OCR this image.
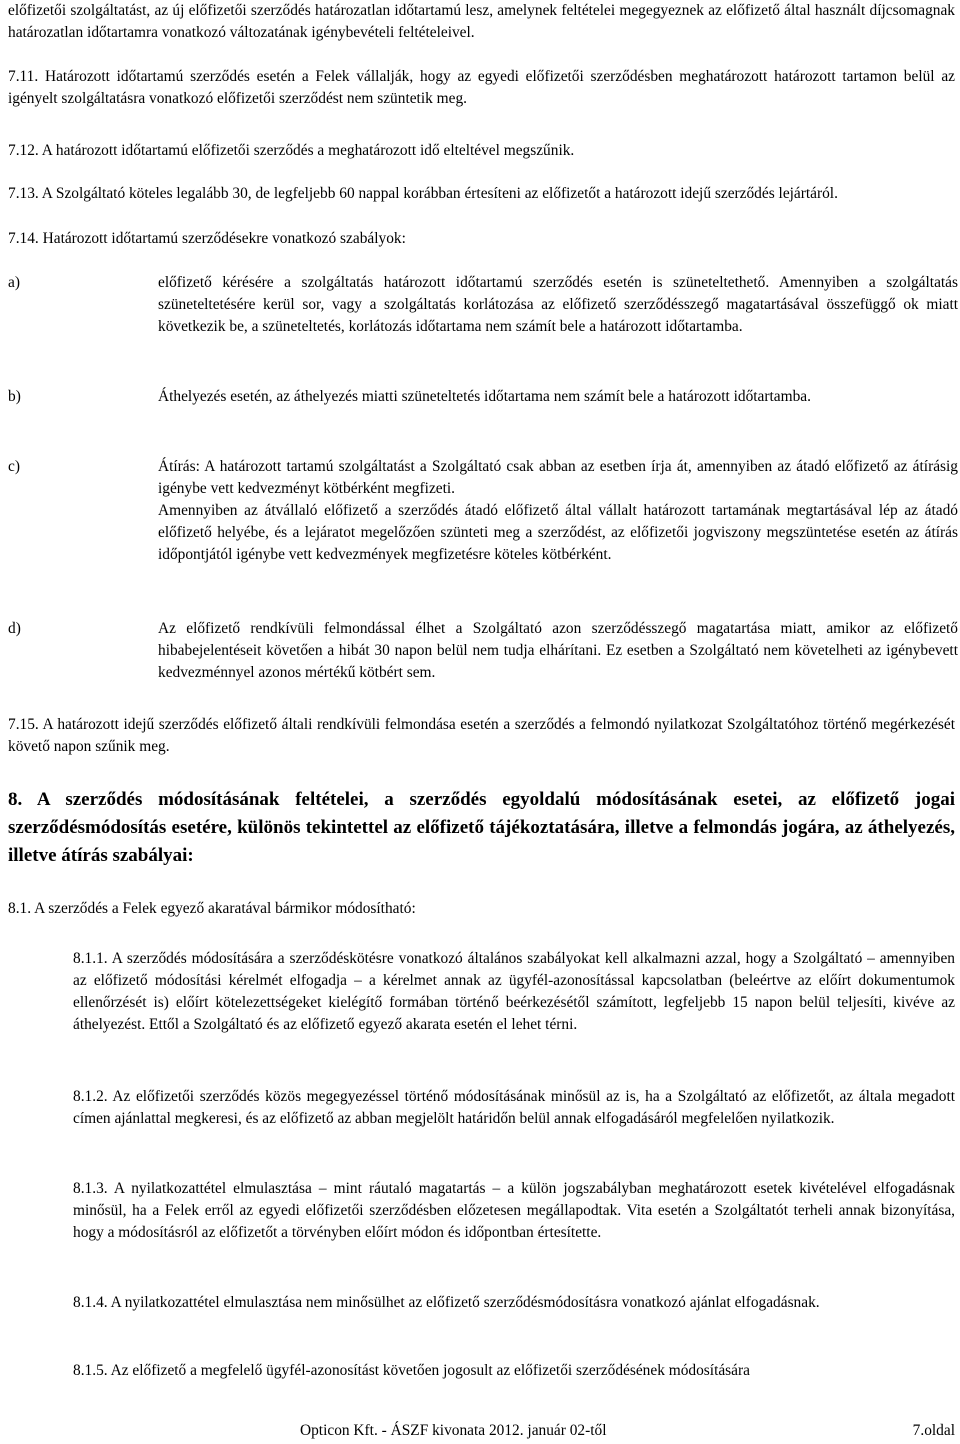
előfizetői szolgáltatást, az új előfizetői szerződés határozatlan időtartamú lesz, amelynek feltételei megegyeznek az előfizető által használt díjcsomagnak határozatlan időtartamra vonatkozó változatának igénybevételi feltételeivel.
7.11. Határozott időtartamú szerződés esetén a Felek vállalják, hogy az egyedi előfizetői szerződésben meghatározott határozott tartamon belül az igényelt szolgáltatásra vonatkozó előfizetői szerződést nem szüntetik meg.
7.12. A határozott időtartamú előfizetői szerződés a meghatározott idő elteltével megszűnik.
7.13. A Szolgáltató köteles legalább 30, de legfeljebb 60 nappal korábban értesíteni az előfizetőt a határozott idejű szerződés lejártáról.
7.14. Határozott időtartamú szerződésekre vonatkozó szabályok:
a)	előfizető kérésére a szolgáltatás határozott időtartamú szerződés esetén is szüneteltethető. Amennyiben a szolgáltatás szüneteltetésére kerül sor, vagy a szolgáltatás korlátozása az előfizető szerződésszegő magatartásával összefüggő ok miatt következik be, a szüneteltetés, korlátozás időtartama nem számít bele a határozott időtartamba.
b)	Áthelyezés esetén, az áthelyezés miatti szüneteltetés időtartama nem számít bele a határozott időtartamba.
c)	Átírás: A határozott tartamú szolgáltatást a Szolgáltató csak abban az esetben írja át, amennyiben az átadó előfizető az átírásig igénybe vett kedvezményt kötbérként megfizeti.
Amennyiben az átvállaló előfizető a szerződés átadó előfizető által vállalt határozott tartamának megtartásával lép az átadó előfizető helyébe, és a lejáratot megelőzően szünteti meg a szerződést, az előfizetői jogviszony megszüntetése esetén az átírás időpontjától igénybe vett kedvezmények megfizetésre köteles kötbérként.
d)	Az előfizető rendkívüli felmondással élhet a Szolgáltató azon szerződésszegő magatartása miatt, amikor az előfizető hibabejelentéseit követően a hibát 30 napon belül nem tudja elhárítani. Ez esetben a Szolgáltató nem követelheti az igénybevett kedvezménnyel azonos mértékű kötbért sem.
7.15. A határozott idejű szerződés előfizető általi rendkívüli felmondása esetén a szerződés a felmondó nyilatkozat Szolgáltatóhoz történő megérkezését követő napon szűnik meg.
8. A szerződés módosításának feltételei, a szerződés egyoldalú módosításának esetei, az előfizető jogai szerződésmódosítás esetére, különös tekintettel az előfizető tájékoztatására, illetve a felmondás jogára, az áthelyezés, illetve átírás szabályai:
8.1. A szerződés a Felek egyező akaratával bármikor módosítható:
8.1.1. A szerződés módosítására a szerződéskötésre vonatkozó általános szabályokat kell alkalmazni azzal, hogy a Szolgáltató – amennyiben az előfizető módosítási kérelmét elfogadja – a kérelmet annak az ügyfél-azonosítással kapcsolatban (beleértve az előírt dokumentumok ellenőrzését is) előírt kötelezettségeket kielégítő formában történő beérkezésétől számított, legfeljebb 15 napon belül teljesíti, kivéve az áthelyezést. Ettől a Szolgáltató és az előfizető egyező akarata esetén el lehet térni.
8.1.2. Az előfizetői szerződés közös megegyezéssel történő módosításának minősül az is, ha a Szolgáltató az előfizetőt, az általa megadott címen ajánlattal megkeresi, és az előfizető az abban megjelölt határidőn belül annak elfogadásáról megfelelően nyilatkozik.
8.1.3. A nyilatkozattétel elmulasztása – mint ráutaló magatartás – a külön jogszabályban meghatározott esetek kivételével elfogadásnak minősül, ha a Felek erről az egyedi előfizetői szerződésben előzetesen megállapodtak. Vita esetén a Szolgáltatót terheli annak bizonyítása, hogy a módosításról az előfizetőt a törvényben előírt módon és időpontban értesítette.
8.1.4. A nyilatkozattétel elmulasztása nem minősülhet az előfizető szerződésmódosításra vonatkozó ajánlat elfogadásnak.
8.1.5. Az előfizető a megfelelő ügyfél-azonosítást követően jogosult az előfizetői szerződésének módosítására
Opticon Kft. - ÁSZF kivonata 2012. január 02-től	7.oldal
